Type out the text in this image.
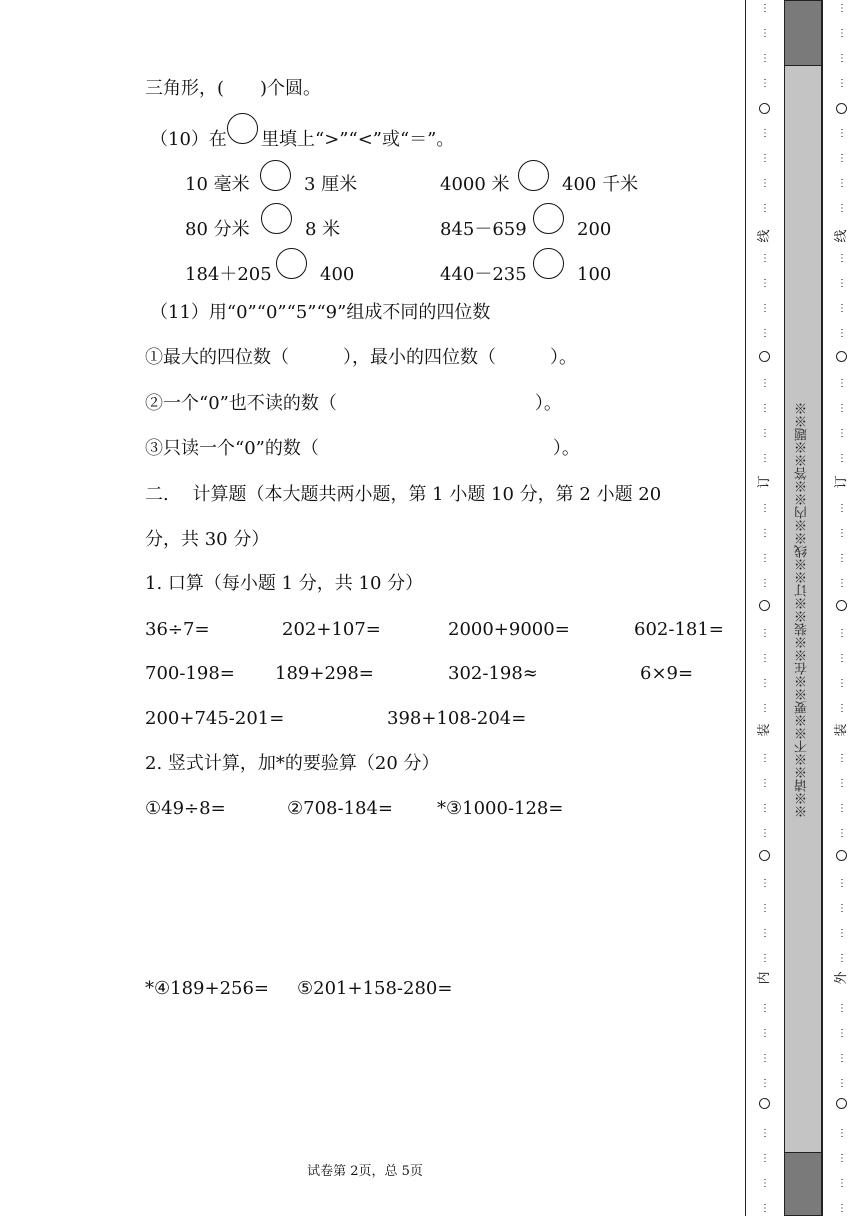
三角形，(　　)个圆。
（10）在 里填上“>”“<”或“＝”。
10 毫米	3 厘米	4000 米	400 千米
80 分米	8 米	845－659	200
184＋205	400	440－235	100
（11）用“0”“0”“5”“9”组成不同的四位数
①最大的四位数（　　　），最小的四位数（　　　）。
②一个“0”也不读的数（　　　　　　　　　　　）。
③只读一个“0”的数（　　　　　　　　　　　　　）。
二.　 计算题（本大题共两小题，第 1 小题 10 分，第 2 小题 20
分，共 30 分）
1. 口算（每小题 1 分，共 10 分）
36÷7=	202+107=	2000+9000=	602-181=
700-198= 189+298=	302-198≈	6×9=
200+745-201=	398+108-204=
2. 竖式计算，加*的要验算（20 分）
①49÷8=	②708-184= *③1000-128=
*④189+256= ⑤201+158-280=
试卷第 2页，总 5页
※※请※※不※※要※※在※※装※※订※※线※※内※※答※※题※※
⋮
⋮
⋮
⋮
⋮
⋮
⋮
⋮
⋮
⋮
⋮
⋮
⋮
⋮
⋮
⋮
⋮
⋮
⋮
⋮
⋮
⋮
⋮
⋮
⋮
⋮
⋮
⋮
⋮
⋮
⋮
⋮
⋮
⋮
⋮
⋮
⋮
⋮
⋮
⋮
线
订
装
内
⋮
⋮
⋮
⋮
⋮
⋮
⋮
⋮
⋮
⋮
⋮
⋮
⋮
⋮
⋮
⋮
⋮
⋮
⋮
⋮
⋮
⋮
⋮
⋮
⋮
⋮
⋮
⋮
⋮
⋮
⋮
⋮
⋮
⋮
⋮
⋮
⋮
⋮
⋮
⋮
线
订
装
外
